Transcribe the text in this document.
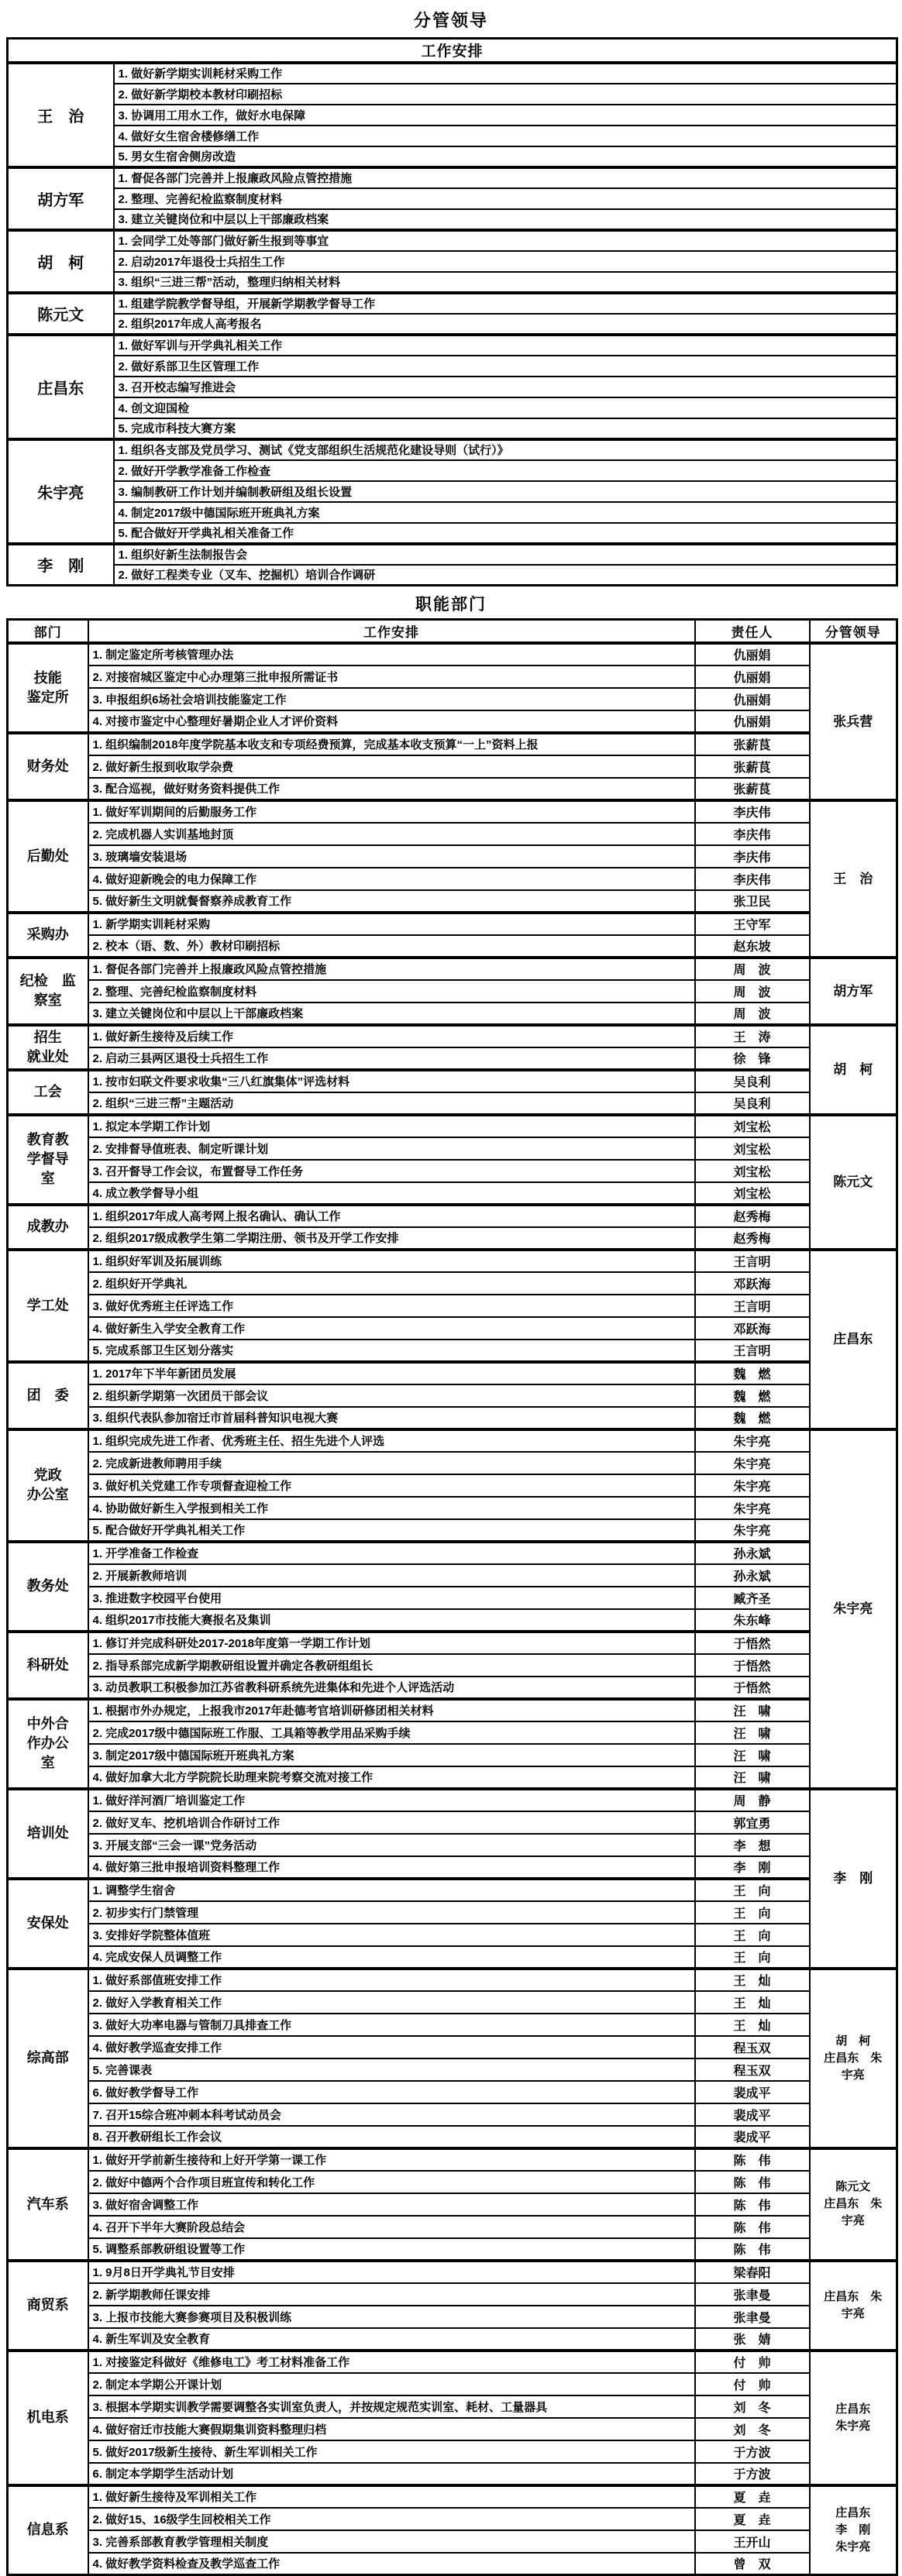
分管领导
工作安排	
王　治	1. 做好新学期实训耗材采购工作
	2. 做好新学期校本教材印刷招标
	3. 协调用工用水工作，做好水电保障
	4. 做好女生宿舍楼修缮工作
	5. 男女生宿舍侧房改造
胡方军	1. 督促各部门完善并上报廉政风险点管控措施
	2. 整理、完善纪检监察制度材料
	3. 建立关键岗位和中层以上干部廉政档案
胡　柯	1. 会同学工处等部门做好新生报到等事宜
	2. 启动2017年退役士兵招生工作
	3. 组织“三进三帮”活动，整理归纳相关材料
陈元文	1. 组建学院教学督导组，开展新学期教学督导工作
	2. 组织2017年成人高考报名
庄昌东	1. 做好军训与开学典礼相关工作
	2. 做好系部卫生区管理工作
	3. 召开校志编写推进会
	4. 创文迎国检
	5. 完成市科技大赛方案
朱宇亮	1. 组织各支部及党员学习、测试《党支部组织生活规范化建设导则（试行）》
	2. 做好开学教学准备工作检查
	3. 编制教研工作计划并编制教研组及组长设置
	4. 制定2017级中德国际班开班典礼方案
	5. 配合做好开学典礼相关准备工作
李　刚	1. 组织好新生法制报告会
	2. 做好工程类专业（叉车、挖掘机）培训合作调研
职能部门
部门	工作安排	责任人	分管领导

技能
鉴定所	1. 制定鉴定所考核管理办法	仇丽娟	张兵营

	2. 对接宿城区鉴定中心办理第三批申报所需证书	仇丽娟	
	3. 申报组织6场社会培训技能鉴定工作	仇丽娟	
	4. 对接市鉴定中心整理好暑期企业人才评价资料	仇丽娟	

财务处	1. 组织编制2018年度学院基本收支和专项经费预算，完成基本收支预算“一上”资料上报	张薪茛	
	2. 做好新生报到收取学杂费	张薪茛	
	3. 配合巡视，做好财务资料提供工作	张薪茛	

后勤处	1. 做好军训期间的后勤服务工作	李庆伟	王　治

	2. 完成机器人实训基地封顶	李庆伟	
	3. 玻璃墙安装退场	李庆伟	
	4. 做好迎新晚会的电力保障工作	李庆伟	
	5. 做好新生文明就餐督察养成教育工作	张卫民	

采购办	1. 新学期实训耗材采购	王守军	
	2. 校本（语、数、外）教材印刷招标	赵东坡	

纪检　监
察室	1. 督促各部门完善并上报廉政风险点管控措施	周　波	胡方军

	2. 整理、完善纪检监察制度材料	周　波	
	3. 建立关键岗位和中层以上干部廉政档案	周　波	

招生
就业处	1. 做好新生接待及后续工作	王　涛	胡　柯

	2. 启动三县两区退役士兵招生工作	徐　锋	

工会	1. 按市妇联文件要求收集“三八红旗集体”评选材料	吴良利	
	2. 组织“三进三帮”主题活动	吴良利	

教育教
学督导
室	1. 拟定本学期工作计划	刘宝松	陈元文

	2. 安排督导值班表、制定听课计划	刘宝松	
	3. 召开督导工作会议，布置督导工作任务	刘宝松	
	4. 成立教学督导小组	刘宝松	

成教办	1. 组织2017年成人高考网上报名确认、确认工作	赵秀梅	
	2. 组织2017级成教学生第二学期注册、领书及开学工作安排	赵秀梅	

学工处	1. 组织好军训及拓展训练	王言明	庄昌东

	2. 组织好开学典礼	邓跃海	
	3. 做好优秀班主任评选工作	王言明	
	4. 做好新生入学安全教育工作	邓跃海	
	5. 完成系部卫生区划分落实	王言明	

团　委	1. 2017年下半年新团员发展	魏　燃	
	2. 组织新学期第一次团员干部会议	魏　燃	
	3. 组织代表队参加宿迁市首届科普知识电视大赛	魏　燃	

党政
办公室	1. 组织完成先进工作者、优秀班主任、招生先进个人评选	朱宇亮	朱宇亮

	2. 完成新进教师聘用手续	朱宇亮	
	3. 做好机关党建工作专项督查迎检工作	朱宇亮	
	4. 协助做好新生入学报到相关工作	朱宇亮	
	5. 配合做好开学典礼相关工作	朱宇亮	

教务处	1. 开学准备工作检查	孙永斌	
	2. 开展新教师培训	孙永斌	
	3. 推进数字校园平台使用	臧齐圣	
	4. 组织2017市技能大赛报名及集训	朱东峰	

科研处	1. 修订并完成科研处2017-2018年度第一学期工作计划	于悟然	
	2. 指导系部完成新学期教研组设置并确定各教研组组长	于悟然	
	3. 动员教职工积极参加江苏省教科研系统先进集体和先进个人评选活动	于悟然	

中外合
作办公
室	1. 根据市外办规定，上报我市2017年赴德考官培训研修团相关材料	汪　啸	
	2. 完成2017级中德国际班工作服、工具箱等教学用品采购手续	汪　啸	
	3. 制定2017级中德国际班开班典礼方案	汪　啸	
	4. 做好加拿大北方学院院长助理来院考察交流对接工作	汪　啸	

培训处	1. 做好洋河酒厂培训鉴定工作	周　静	李　刚

	2. 做好叉车、挖机培训合作研讨工作	郭宜勇	
	3. 开展支部“三会一课”党务活动	李　想	
	4. 做好第三批申报培训资料整理工作	李　刚	

安保处	1. 调整学生宿舍	王　向	
	2. 初步实行门禁管理	王　向	
	3. 安排好学院整体值班	王　向	
	4. 完成安保人员调整工作	王　向	

综高部	1. 做好系部值班安排工作	王　灿	胡　柯
庄昌东　朱
宇亮

	2. 做好入学教育相关工作	王　灿	
	3. 做好大功率电器与管制刀具排查工作	王　灿	
	4. 做好教学巡查安排工作	程玉双	
	5. 完善课表	程玉双	
	6. 做好教学督导工作	裴成平	
	7. 召开15综合班冲刺本科考试动员会	裴成平	
	8. 召开教研组长工作会议	裴成平	

汽车系	1. 做好开学前新生接待和上好开学第一课工作	陈　伟	陈元文
庄昌东　朱
宇亮

	2. 做好中德两个合作项目班宣传和转化工作	陈　伟	
	3. 做好宿舍调整工作	陈　伟	
	4. 召开下半年大赛阶段总结会	陈　伟	
	5. 调整系部教研组设置等工作	陈　伟	

商贸系	1. 9月8日开学典礼节目安排	梁春阳	庄昌东　朱
宇亮

	2. 新学期教师任课安排	张聿曼	
	3. 上报市技能大赛参赛项目及积极训练	张聿曼	
	4. 新生军训及安全教育	张　婧	

机电系	1. 对接鉴定科做好《维修电工》考工材料准备工作	付　帅	庄昌东
朱宇亮

	2. 制定本学期公开课计划	付　帅	
	3. 根据本学期实训教学需要调整各实训室负责人，并按规定规范实训室、耗材、工量器具	刘　冬	
	4. 做好宿迁市技能大赛假期集训资料整理归档	刘　冬	
	5. 做好2017级新生接待、新生军训相关工作	于方波	
	6. 制定本学期学生活动计划	于方波	

信息系	1. 做好新生接待及军训相关工作	夏　垚	庄昌东
李　刚
朱宇亮

	2. 做好15、16级学生回校相关工作	夏　垚	
	3. 完善系部教育教学管理相关制度	王开山	
	4. 做好教学资料检查及教学巡查工作	曾　双	
